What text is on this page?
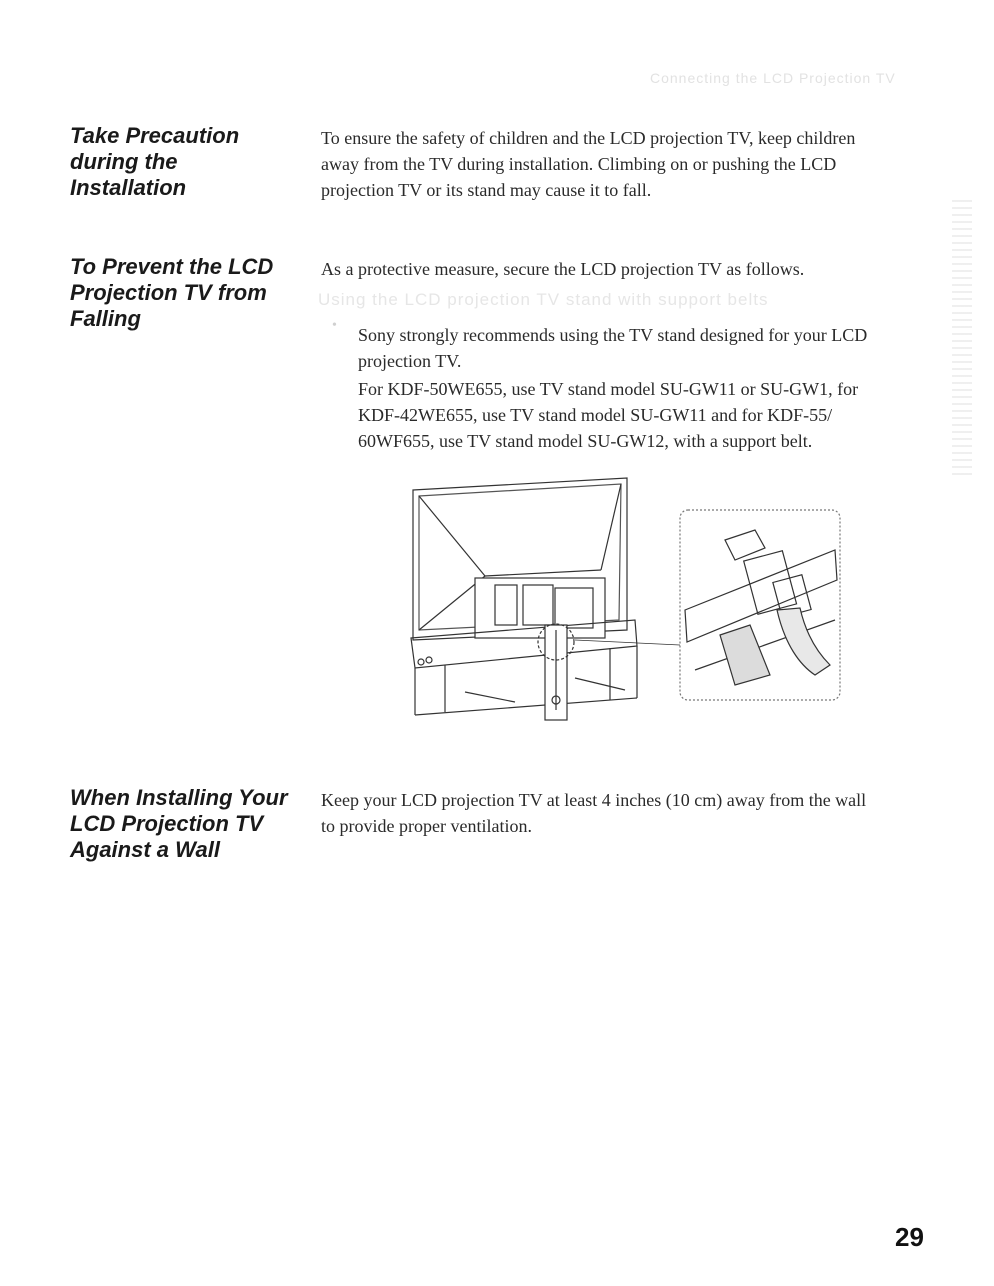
Connecting the LCD Projection TV
Take Precaution
during the
Installation
To ensure the safety of children and the LCD projection TV, keep children
away from the TV during installation. Climbing on or pushing the LCD
projection TV or its stand may cause it to fall.
To Prevent the LCD
Projection TV from
Falling
As a protective measure, secure the LCD projection TV as follows.
Using the LCD projection TV stand with support belts
• Sony strongly recommends using the TV stand designed for your LCD
projection TV.
For KDF-50WE655, use TV stand model SU-GW11 or SU-GW1, for
KDF-42WE655, use TV stand model SU-GW11 and for KDF-55/
60WF655, use TV stand model SU-GW12, with a support belt.
When Installing Your
LCD Projection TV
Against a Wall
Keep your LCD projection TV at least 4 inches (10 cm) away from the wall
to provide proper ventilation.
29
